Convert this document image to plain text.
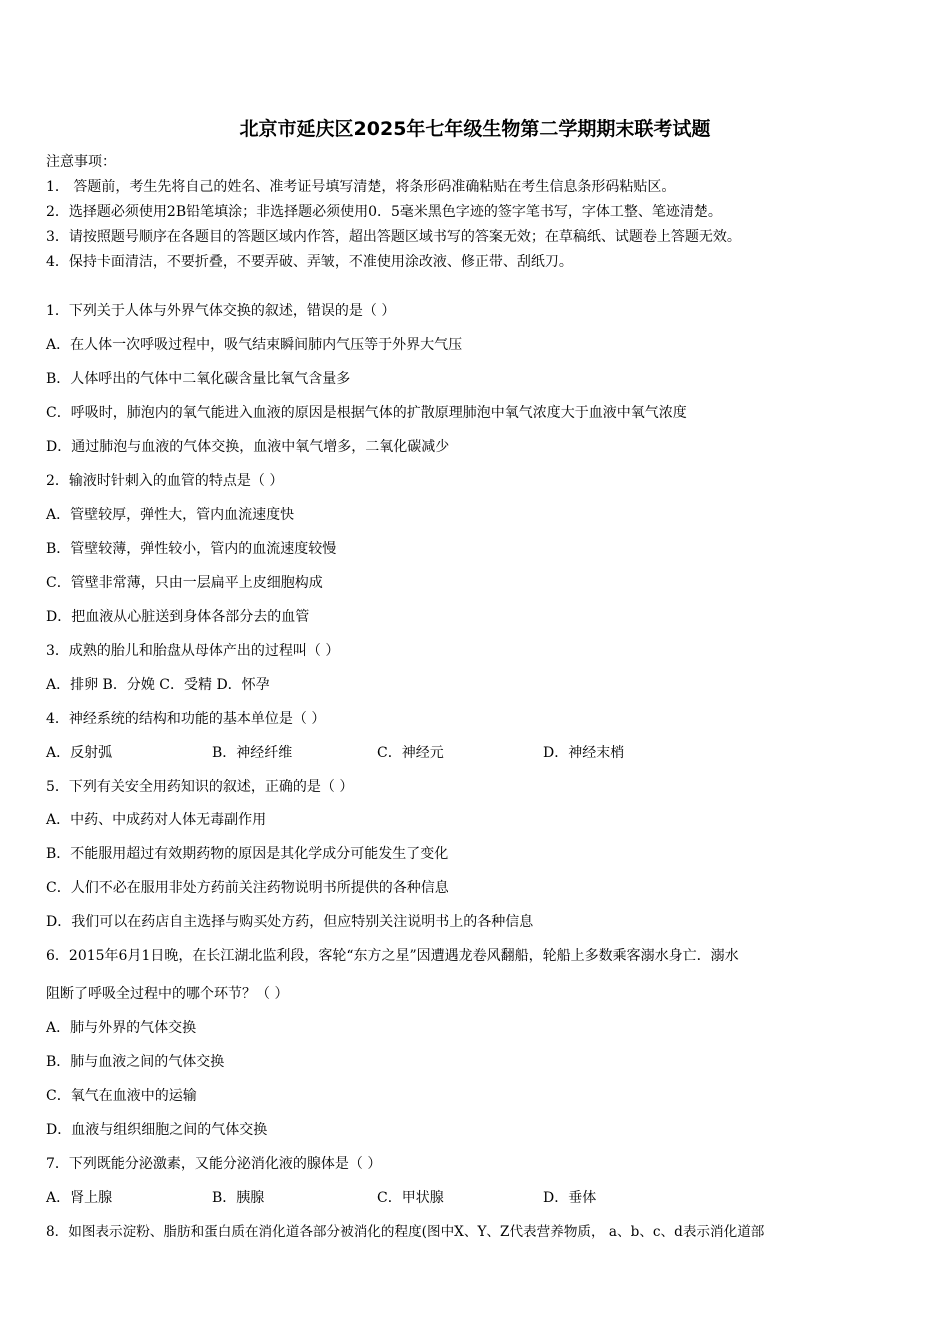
北京市延庆区2025年七年级生物第二学期期末联考试题
注意事项：
1． 答题前，考生先将自己的姓名、准考证号填写清楚，将条形码准确粘贴在考生信息条形码粘贴区。
2．选择题必须使用2B铅笔填涂；非选择题必须使用0．5毫米黑色字迹的签字笔书写，字体工整、笔迹清楚。
3．请按照题号顺序在各题目的答题区域内作答，超出答题区域书写的答案无效；在草稿纸、试题卷上答题无效。
4．保持卡面清洁，不要折叠，不要弄破、弄皱，不准使用涂改液、修正带、刮纸刀。
1．下列关于人体与外界气体交换的叙述，错误的是（ ）
A．在人体一次呼吸过程中，吸气结束瞬间肺内气压等于外界大气压
B．人体呼出的气体中二氧化碳含量比氧气含量多
C．呼吸时，肺泡内的氧气能进入血液的原因是根据气体的扩散原理肺泡中氧气浓度大于血液中氧气浓度
D．通过肺泡与血液的气体交换，血液中氧气增多，二氧化碳减少
2．输液时针刺入的血管的特点是（ ）
A．管壁较厚，弹性大，管内血流速度快
B．管壁较薄，弹性较小，管内的血流速度较慢
C．管壁非常薄，只由一层扁平上皮细胞构成
D．把血液从心脏送到身体各部分去的血管
3．成熟的胎儿和胎盘从母体产出的过程叫（ ）
A．排卵 B．分娩 C．受精 D．怀孕
4．神经系统的结构和功能的基本单位是（ ）
A．反射弧	B．神经纤维	C．神经元	D．神经末梢
5．下列有关安全用药知识的叙述，正确的是（ ）
A．中药、中成药对人体无毒副作用
B．不能服用超过有效期药物的原因是其化学成分可能发生了变化
C．人们不必在服用非处方药前关注药物说明书所提供的各种信息
D．我们可以在药店自主选择与购买处方药，但应特别关注说明书上的各种信息
6．2015年6月1日晚，在长江湖北监利段，客轮“东方之星”因遭遇龙卷风翻船，轮船上多数乘客溺水身亡．溺水
阻断了呼吸全过程中的哪个环节？（ ）
A．肺与外界的气体交换
B．肺与血液之间的气体交换
C．氧气在血液中的运输
D．血液与组织细胞之间的气体交换
7．下列既能分泌激素，又能分泌消化液的腺体是（ ）
A．肾上腺	B．胰腺	C．甲状腺	D．垂体
8．如图表示淀粉、脂肪和蛋白质在消化道各部分被消化的程度(图中X、Y、Z代表营养物质， a、b、c、d表示消化道部
